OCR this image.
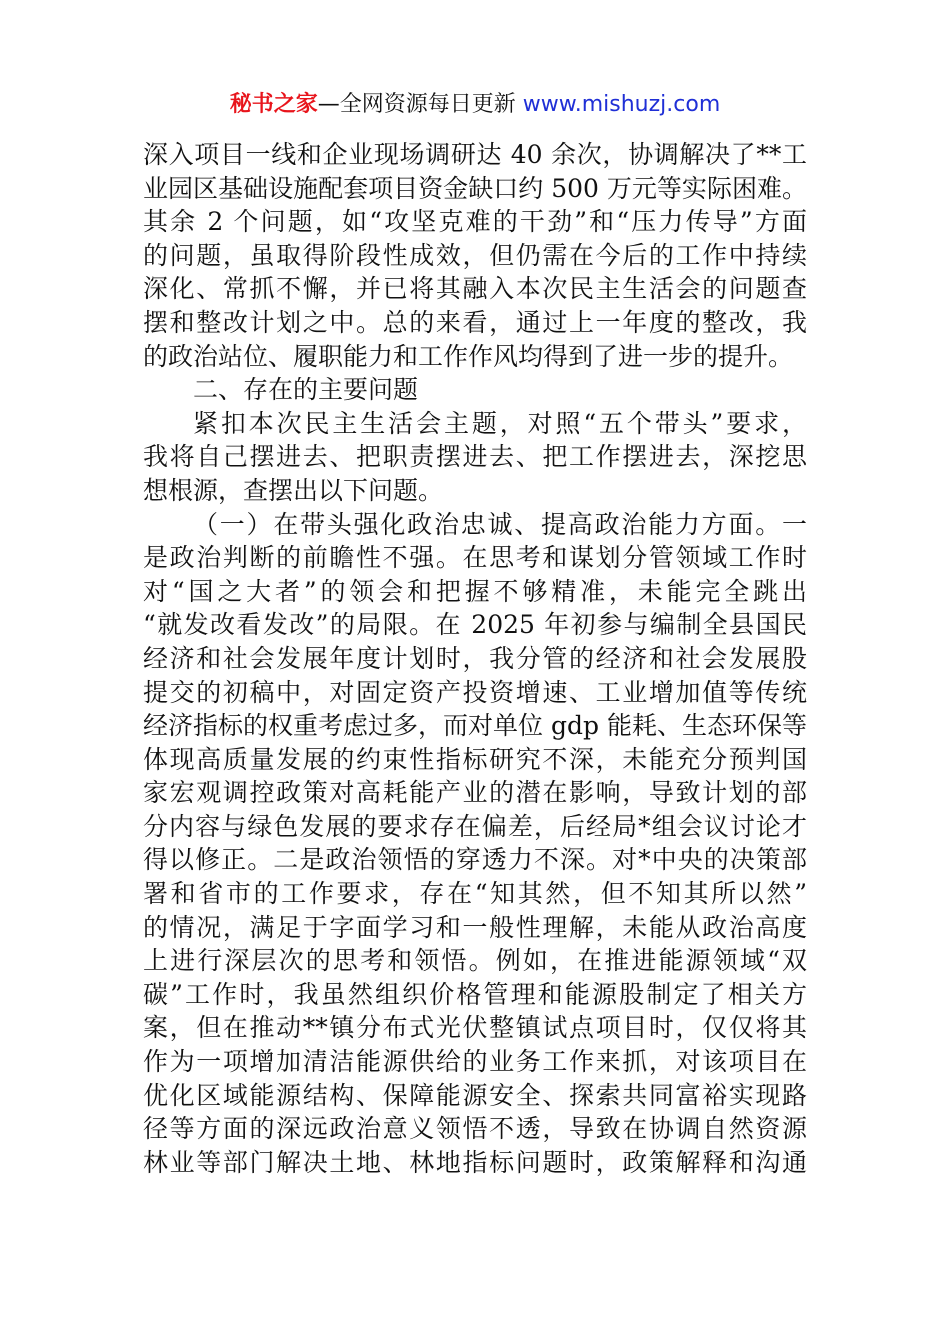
秘书之家—全网资源每日更新 www.mishuzj.com

深入项目一线和企业现场调研达 40 余次，协调解决了**工

业园区基础设施配套项目资金缺口约 500 万元等实际困难。

其余 2 个问题，如“攻坚克难的干劲”和“压力传导”方面

的问题，虽取得阶段性成效，但仍需在今后的工作中持续

深化、常抓不懈，并已将其融入本次民主生活会的问题查

摆和整改计划之中。总的来看，通过上一年度的整改，我

的政治站位、履职能力和工作作风均得到了进一步的提升。

二、存在的主要问题

紧扣本次民主生活会主题，对照“五个带头”要求，

我将自己摆进去、把职责摆进去、把工作摆进去，深挖思

想根源，查摆出以下问题。

（一）在带头强化政治忠诚、提高政治能力方面。一

是政治判断的前瞻性不强。在思考和谋划分管领域工作时

对“国之大者”的领会和把握不够精准，未能完全跳出

“就发改看发改”的局限。在 2025 年初参与编制全县国民

经济和社会发展年度计划时，我分管的经济和社会发展股

提交的初稿中，对固定资产投资增速、工业增加值等传统

经济指标的权重考虑过多，而对单位 gdp 能耗、生态环保等

体现高质量发展的约束性指标研究不深，未能充分预判国

家宏观调控政策对高耗能产业的潜在影响，导致计划的部

分内容与绿色发展的要求存在偏差，后经局*组会议讨论才

得以修正。二是政治领悟的穿透力不深。对*中央的决策部

署和省市的工作要求，存在“知其然，但不知其所以然”

的情况，满足于字面学习和一般性理解，未能从政治高度

上进行深层次的思考和领悟。例如，在推进能源领域“双

碳”工作时，我虽然组织价格管理和能源股制定了相关方

案，但在推动**镇分布式光伏整镇试点项目时，仅仅将其

作为一项增加清洁能源供给的业务工作来抓，对该项目在

优化区域能源结构、保障能源安全、探索共同富裕实现路

径等方面的深远政治意义领悟不透，导致在协调自然资源

林业等部门解决土地、林地指标问题时，政策解释和沟通
